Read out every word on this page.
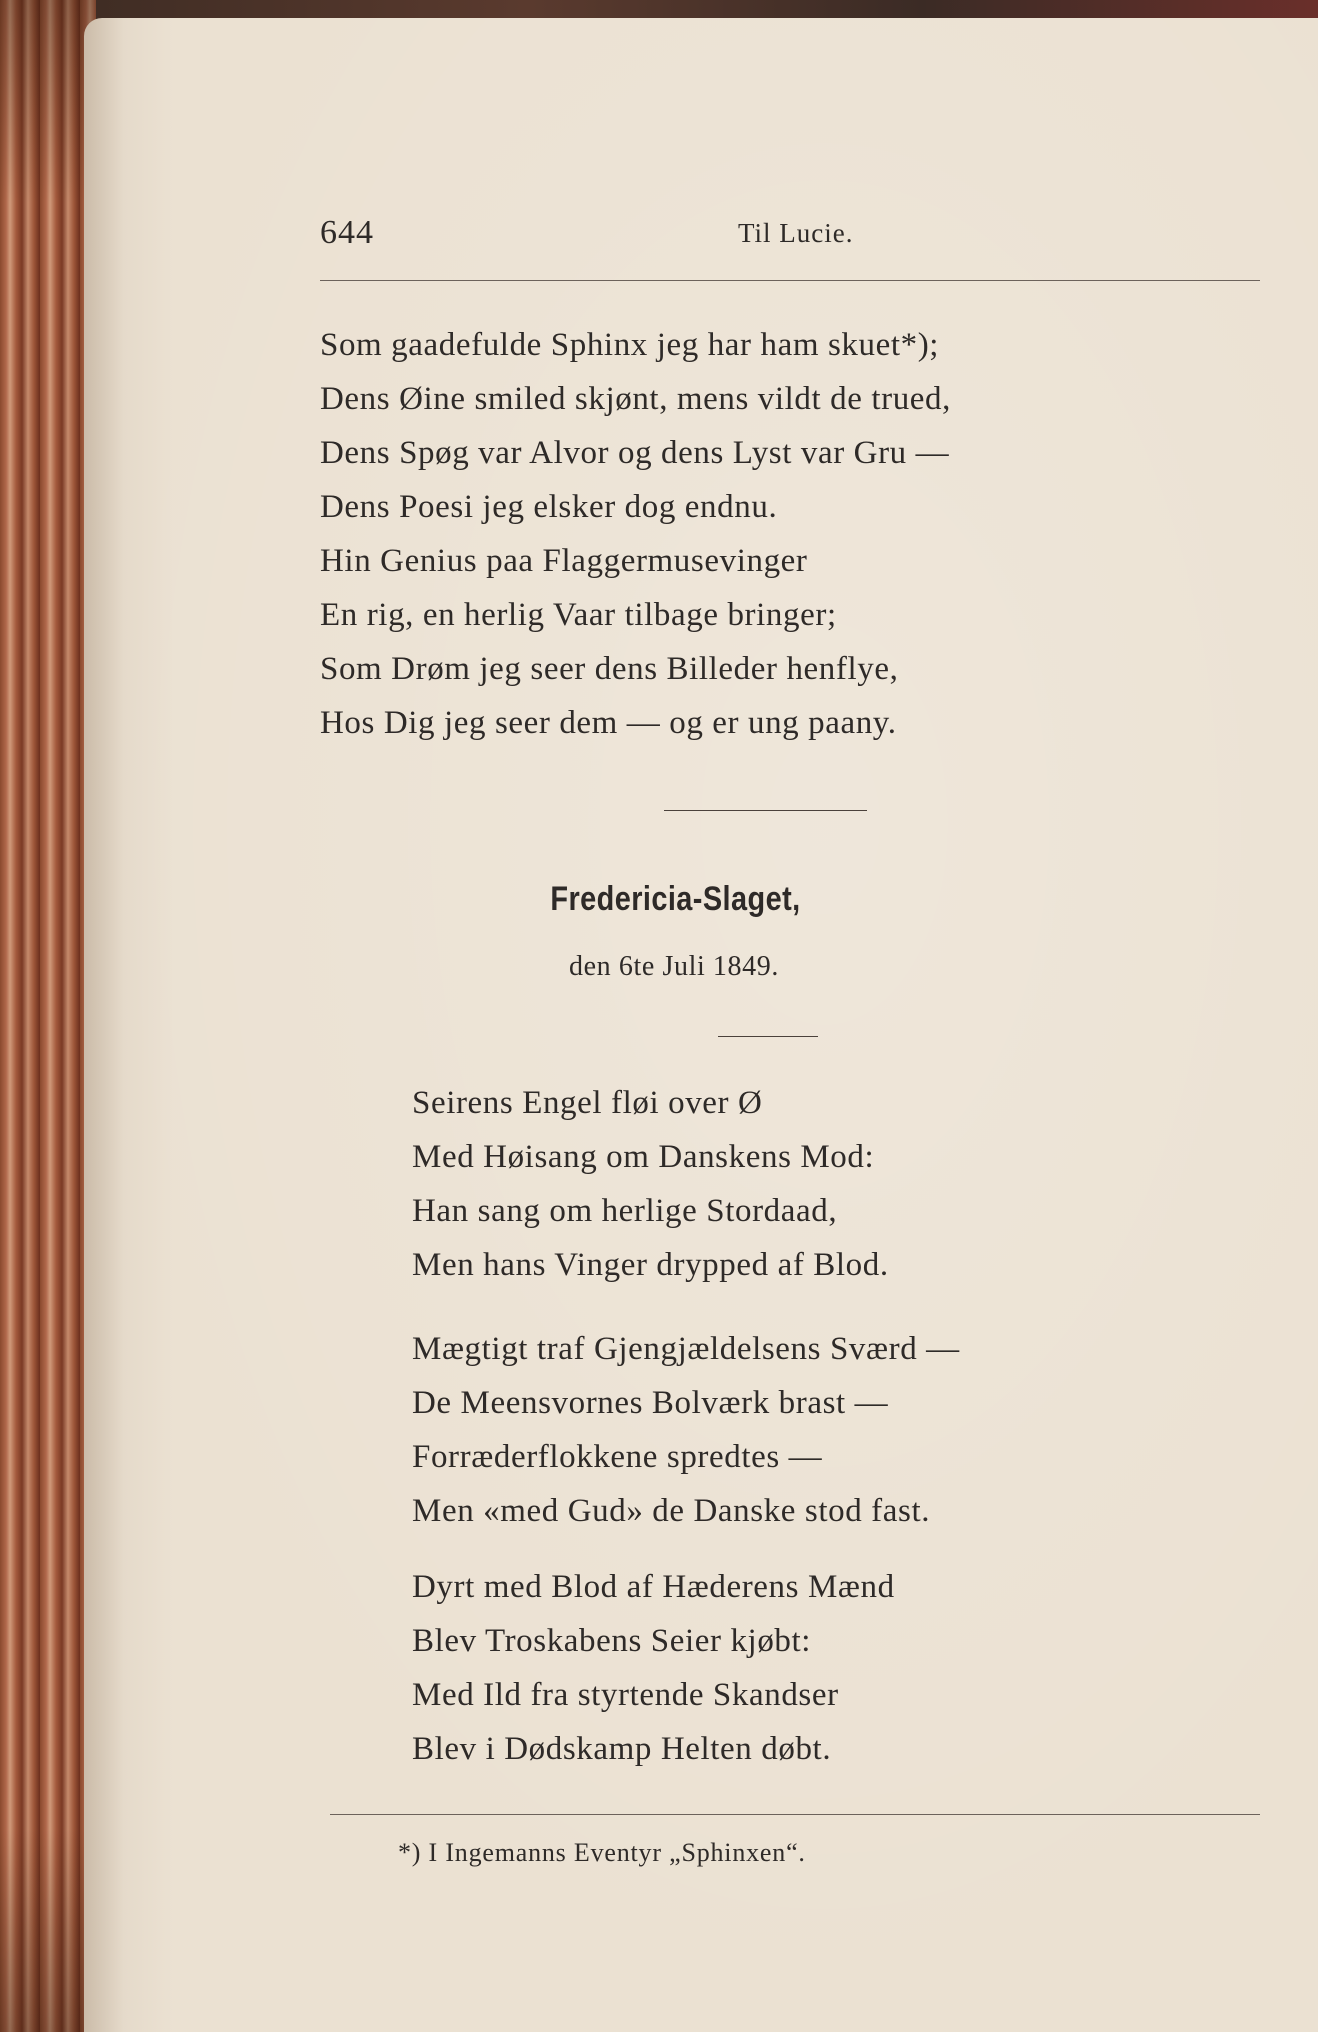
644	Til Lucie.
Som gaadefulde Sphinx jeg har ham skuet*);
Dens Øine smiled skjønt, mens vildt de trued,
Dens Spøg var Alvor og dens Lyst var Gru —
Dens Poesi jeg elsker dog endnu.
Hin Genius paa Flaggermusevinger
En rig, en herlig Vaar tilbage bringer;
Som Drøm jeg seer dens Billeder henflye,
Hos Dig jeg seer dem — og er ung paany.
Fredericia-Slaget,
den 6te Juli 1849.
Seirens Engel fløi over Ø
Med Høisang om Danskens Mod:
Han sang om herlige Stordaad,
Men hans Vinger drypped af Blod.
Mægtigt traf Gjengjældelsens Sværd —
De Meensvornes Bolværk brast —
Forræderflokkene spredtes —
Men «med Gud» de Danske stod fast.
Dyrt med Blod af Hæderens Mænd
Blev Troskabens Seier kjøbt:
Med Ild fra styrtende Skandser
Blev i Dødskamp Helten døbt.
*) I Ingemanns Eventyr „Sphinxen“.
